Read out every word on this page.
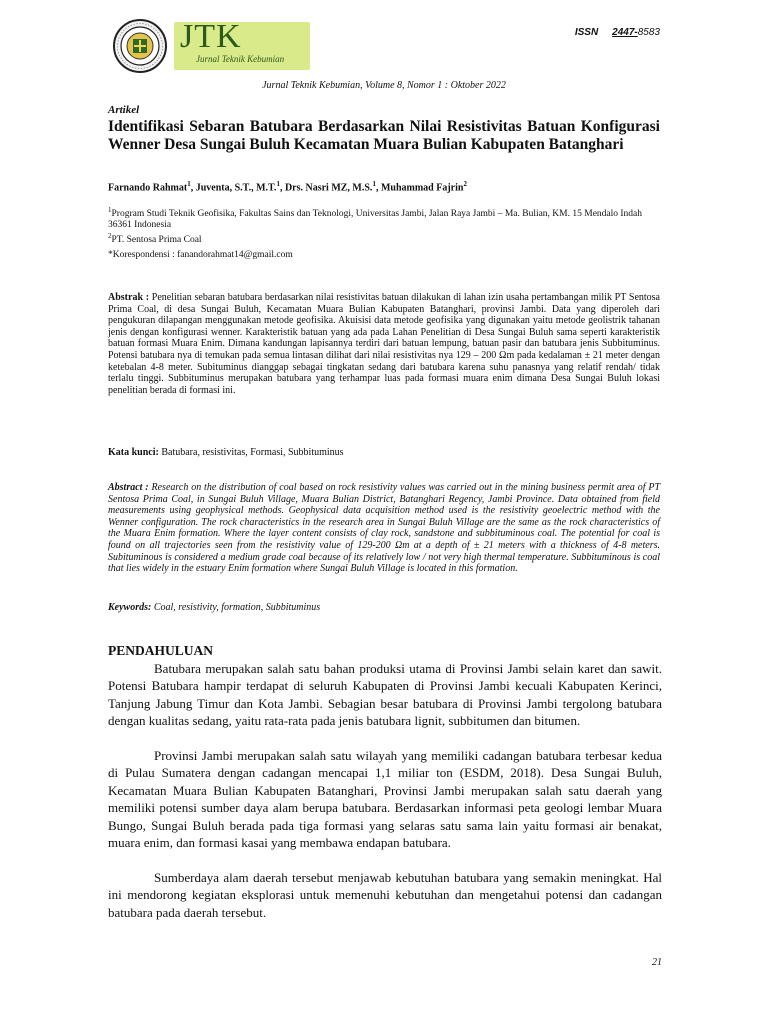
JTK
Jurnal Teknik Kebumian
ISSN 2447-8583
Jurnal Teknik Kebumian, Volume 8, Nomor 1 : Oktober 2022
Artikel
Identifikasi Sebaran Batubara Berdasarkan Nilai Resistivitas Batuan Konfigurasi Wenner Desa Sungai Buluh Kecamatan Muara Bulian Kabupaten Batanghari
Farnando Rahmat$^1$, Juventa, S.T., M.T.$^1$, Drs. Nasri MZ, M.S.$^1$, Muhammad Fajrin$^2$
$^1$Program Studi Teknik Geofisika, Fakultas Sains dan Teknologi, Universitas Jambi, Jalan Raya Jambi – Ma. Bulian, KM. 15 Mendalo Indah 36361 Indonesia
$^2$PT. Sentosa Prima Coal
*Korespondensi : fanandorahmat14@gmail.com
Abstrak : Penelitian sebaran batubara berdasarkan nilai resistivitas batuan dilakukan di lahan izin usaha pertambangan milik PT Sentosa Prima Coal, di desa Sungai Buluh, Kecamatan Muara Bulian Kabupaten Batanghari, provinsi Jambi. Data yang diperoleh dari pengukuran dilapangan menggunakan metode geofisika. Akuisisi data metode geofisika yang digunakan yaitu metode geolistrik tahanan jenis dengan konfigurasi wenner. Karakteristik batuan yang ada pada Lahan Penelitian di Desa Sungai Buluh sama seperti karakteristik batuan formasi Muara Enim. Dimana kandungan lapisannya terdiri dari batuan lempung, batuan pasir dan batubara jenis Subbituminus. Potensi batubara nya di temukan pada semua lintasan dilihat dari nilai resistivitas nya 129 – 200 Ωm pada kedalaman ± 21 meter dengan ketebalan 4-8 meter. Subituminus dianggap sebagai tingkatan sedang dari batubara karena suhu panasnya yang relatif rendah/ tidak terlalu tinggi. Subbituminus merupakan batubara yang terhampar luas pada formasi muara enim dimana Desa Sungai Buluh lokasi penelitian berada di formasi ini.
Kata kunci: Batubara, resistivitas, Formasi, Subbituminus
Abstract : Research on the distribution of coal based on rock resistivity values was carried out in the mining business permit area of PT Sentosa Prima Coal, in Sungai Buluh Village, Muara Bulian District, Batanghari Regency, Jambi Province. Data obtained from field measurements using geophysical methods. Geophysical data acquisition method used is the resistivity geoelectric method with the Wenner configuration. The rock characteristics in the research area in Sungai Buluh Village are the same as the rock characteristics of the Muara Enim formation. Where the layer content consists of clay rock, sandstone and subbituminous coal. The potential for coal is found on all trajectories seen from the resistivity value of 129-200 Ωm at a depth of ± 21 meters with a thickness of 4-8 meters. Subituminous is considered a medium grade coal because of its relatively low / not very high thermal temperature. Subbituminous is coal that lies widely in the estuary Enim formation where Sungai Buluh Village is located in this formation.
Keywords: Coal, resistivity, formation, Subbituminus
PENDAHULUAN
Batubara merupakan salah satu bahan produksi utama di Provinsi Jambi selain karet dan sawit. Potensi Batubara hampir terdapat di seluruh Kabupaten di Provinsi Jambi kecuali Kabupaten Kerinci, Tanjung Jabung Timur dan Kota Jambi. Sebagian besar batubara di Provinsi Jambi tergolong batubara dengan kualitas sedang, yaitu rata-rata pada jenis batubara lignit, subbitumen dan bitumen.
Provinsi Jambi merupakan salah satu wilayah yang memiliki cadangan batubara terbesar kedua di Pulau Sumatera dengan cadangan mencapai 1,1 miliar ton (ESDM, 2018). Desa Sungai Buluh, Kecamatan Muara Bulian Kabupaten Batanghari, Provinsi Jambi merupakan salah satu daerah yang memiliki potensi sumber daya alam berupa batubara. Berdasarkan informasi peta geologi lembar Muara Bungo, Sungai Buluh berada pada tiga formasi yang selaras satu sama lain yaitu formasi air benakat, muara enim, dan formasi kasai yang membawa endapan batubara.
Sumberdaya alam daerah tersebut menjawab kebutuhan batubara yang semakin meningkat. Hal ini mendorong kegiatan eksplorasi untuk memenuhi kebutuhan dan mengetahui potensi dan cadangan batubara pada daerah tersebut.
21
